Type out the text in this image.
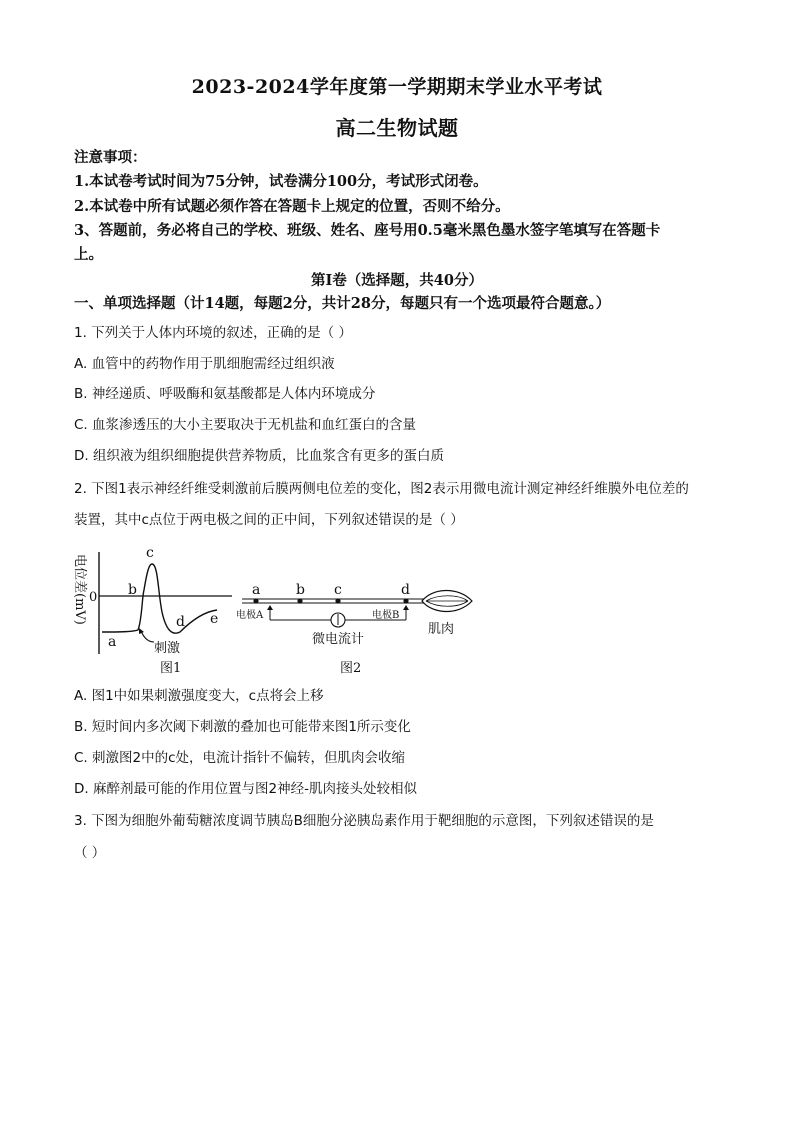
2023-2024学年度第一学期期末学业水平考试
高二生物试题
注意事项：
1.本试卷考试时间为75分钟，试卷满分100分，考试形式闭卷。
2.本试卷中所有试题必须作答在答题卡上规定的位置，否则不给分。
3、答题前，务必将自己的学校、班级、姓名、座号用0.5毫米黑色墨水签字笔填写在答题卡
上。
第I卷（选择题，共40分）
一、单项选择题（计14题，每题2分，共计28分，每题只有一个选项最符合题意。）
1. 下列关于人体内环境的叙述，正确的是（ ）
A. 血管中的药物作用于肌细胞需经过组织液
B. 神经递质、呼吸酶和氨基酸都是人体内环境成分
C. 血浆渗透压的大小主要取决于无机盐和血红蛋白的含量
D. 组织液为组织细胞提供营养物质，比血浆含有更多的蛋白质
2. 下图1表示神经纤维受刺激前后膜两侧电位差的变化，图2表示用微电流计测定神经纤维膜外电位差的
装置，其中c点位于两电极之间的正中间，下列叙述错误的是（ ）
电位差(mV) 0
a
b
c
d e
刺激
图1
a	b c	d
电极A	电极B
微电流计
肌肉
图2
A. 图1中如果刺激强度变大，c点将会上移
B. 短时间内多次阈下刺激的叠加也可能带来图1所示变化
C. 刺激图2中的c处，电流计指针不偏转，但肌肉会收缩
D. 麻醉剂最可能的作用位置与图2神经-肌肉接头处较相似
3. 下图为细胞外葡萄糖浓度调节胰岛B细胞分泌胰岛素作用于靶细胞的示意图，下列叙述错误的是
（ ）
